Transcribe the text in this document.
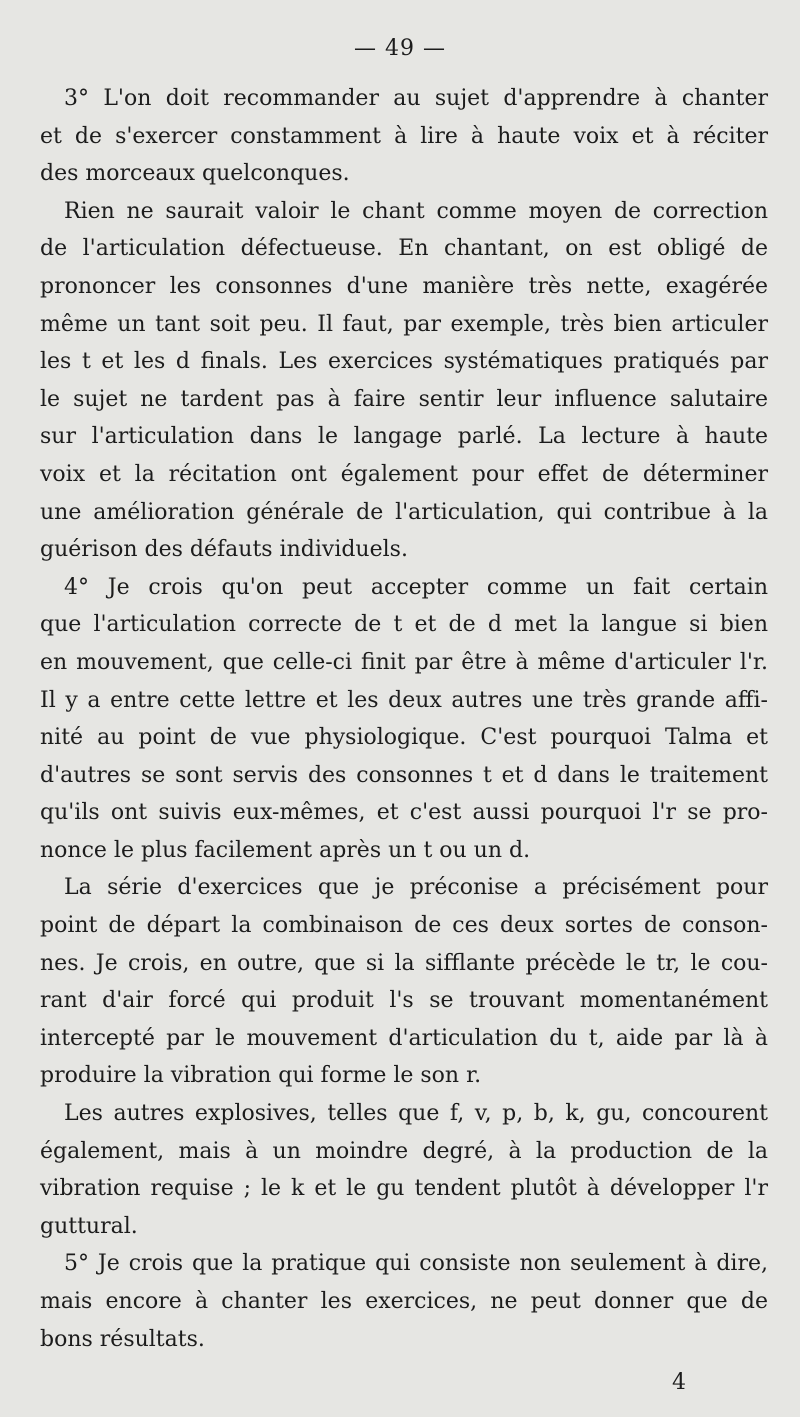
— 49 —
3° L'on doit recommander au sujet d'apprendre à chanter
et de s'exercer constamment à lire à haute voix et à réciter
des morceaux quelconques.
Rien ne saurait valoir le chant comme moyen de correction
de l'articulation défectueuse. En chantant, on est obligé de
prononcer les consonnes d'une manière très nette, exagérée
même un tant soit peu. Il faut, par exemple, très bien articuler
les t et les d finals. Les exercices systématiques pratiqués par
le sujet ne tardent pas à faire sentir leur influence salutaire
sur l'articulation dans le langage parlé. La lecture à haute
voix et la récitation ont également pour effet de déterminer
une amélioration générale de l'articulation, qui contribue à la
guérison des défauts individuels.
4° Je crois qu'on peut accepter comme un fait certain
que l'articulation correcte de t et de d met la langue si bien
en mouvement, que celle-ci finit par être à même d'articuler l'r.
Il y a entre cette lettre et les deux autres une très grande affi-
nité au point de vue physiologique. C'est pourquoi Talma et
d'autres se sont servis des consonnes t et d dans le traitement
qu'ils ont suivis eux-mêmes, et c'est aussi pourquoi l'r se pro-
nonce le plus facilement après un t ou un d.
La série d'exercices que je préconise a précisément pour
point de départ la combinaison de ces deux sortes de conson-
nes. Je crois, en outre, que si la sifflante précède le tr, le cou-
rant d'air forcé qui produit l's se trouvant momentanément
intercepté par le mouvement d'articulation du t, aide par là à
produire la vibration qui forme le son r.
Les autres explosives, telles que f, v, p, b, k, gu, concourent
également, mais à un moindre degré, à la production de la
vibration requise ; le k et le gu tendent plutôt à développer l'r
guttural.
5° Je crois que la pratique qui consiste non seulement à dire,
mais encore à chanter les exercices, ne peut donner que de
bons résultats.
4
